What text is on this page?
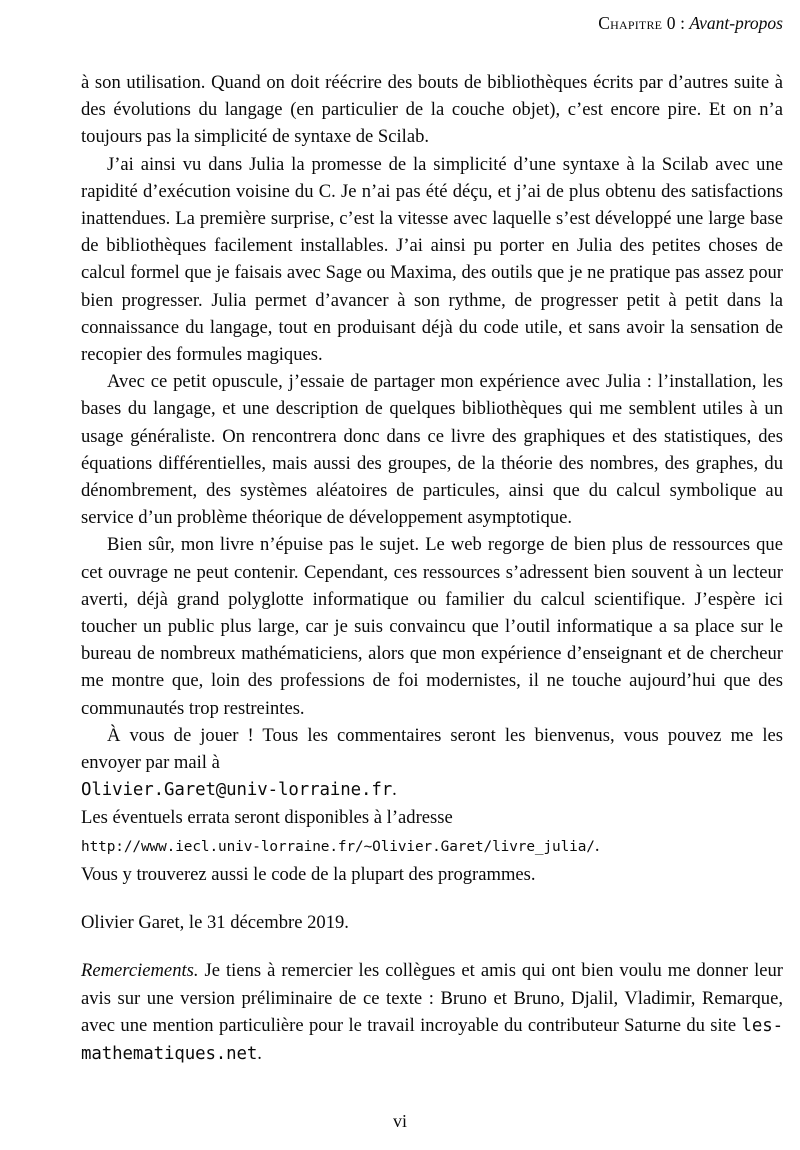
Chapitre 0 : Avant-propos

à son utilisation. Quand on doit réécrire des bouts de bibliothèques écrits par d’autres suite à des évolutions du langage (en particulier de la couche objet), c’est encore pire. Et on n’a toujours pas la simplicité de syntaxe de Scilab.

J’ai ainsi vu dans Julia la promesse de la simplicité d’une syntaxe à la Scilab avec une rapidité d’exécution voisine du C. Je n’ai pas été déçu, et j’ai de plus obtenu des satisfactions inattendues. La première surprise, c’est la vitesse avec laquelle s’est développé une large base de bibliothèques facilement installables. J’ai ainsi pu porter en Julia des petites choses de calcul formel que je faisais avec Sage ou Maxima, des outils que je ne pratique pas assez pour bien progresser. Julia permet d’avancer à son rythme, de progresser petit à petit dans la connaissance du langage, tout en produisant déjà du code utile, et sans avoir la sensation de recopier des formules magiques.

Avec ce petit opuscule, j’essaie de partager mon expérience avec Julia : l’installation, les bases du langage, et une description de quelques bibliothèques qui me semblent utiles à un usage généraliste. On rencontrera donc dans ce livre des graphiques et des statistiques, des équations différentielles, mais aussi des groupes, de la théorie des nombres, des graphes, du dénombrement, des systèmes aléatoires de particules, ainsi que du calcul symbolique au service d’un problème théorique de développement asymptotique.

Bien sûr, mon livre n’épuise pas le sujet. Le web regorge de bien plus de ressources que cet ouvrage ne peut contenir. Cependant, ces ressources s’adressent bien souvent à un lecteur averti, déjà grand polyglotte informatique ou familier du calcul scientifique. J’espère ici toucher un public plus large, car je suis convaincu que l’outil informatique a sa place sur le bureau de nombreux mathématiciens, alors que mon expérience d’enseignant et de chercheur me montre que, loin des professions de foi modernistes, il ne touche aujourd’hui que des communautés trop restreintes.

À vous de jouer ! Tous les commentaires seront les bienvenus, vous pouvez me les envoyer par mail à

Olivier.Garet@univ-lorraine.fr.

Les éventuels errata seront disponibles à l’adresse

http://www.iecl.univ-lorraine.fr/~Olivier.Garet/livre_julia/.

Vous y trouverez aussi le code de la plupart des programmes.

Olivier Garet, le 31 décembre 2019.

Remerciements. Je tiens à remercier les collègues et amis qui ont bien voulu me donner leur avis sur une version préliminaire de ce texte : Bruno et Bruno, Djalil, Vladimir, Remarque, avec une mention particulière pour le travail incroyable du contributeur Saturne du site les-mathematiques.net.

vi
